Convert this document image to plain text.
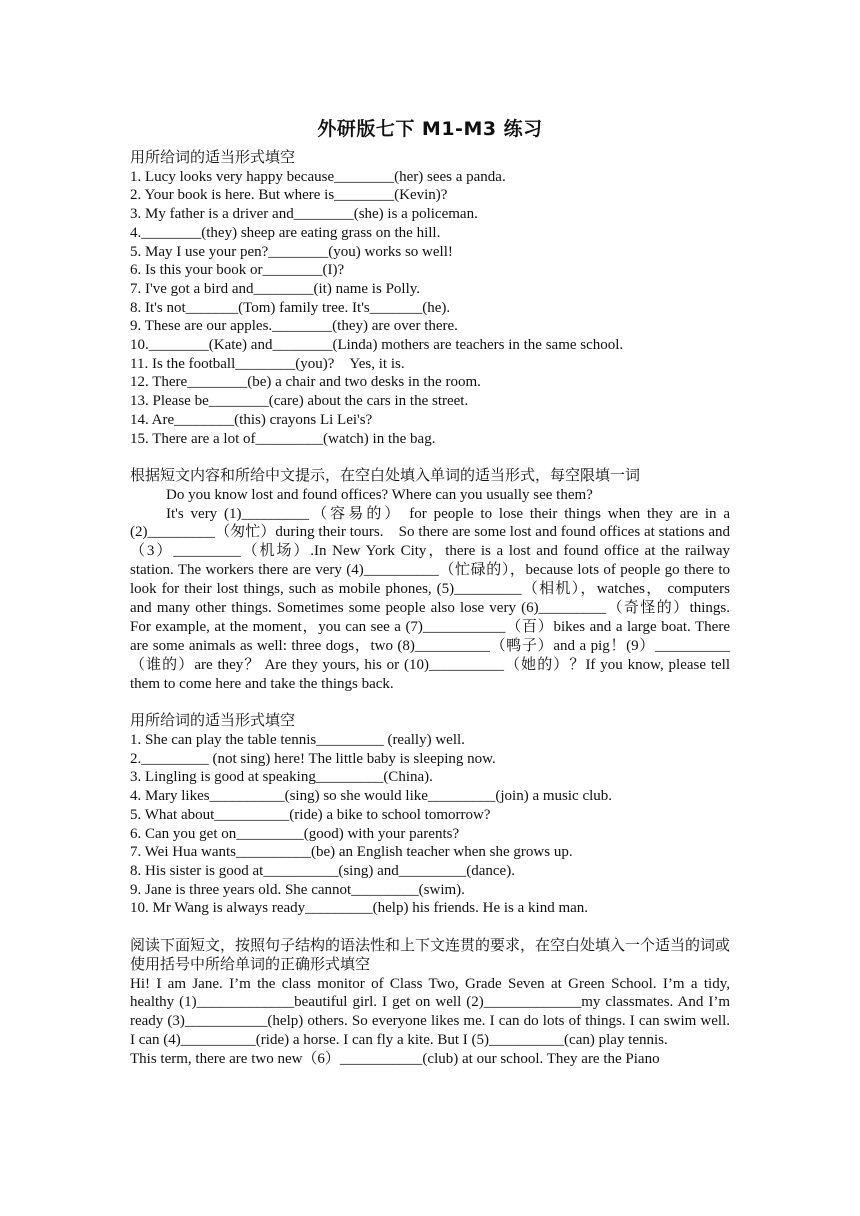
外研版七下 M1-M3 练习
用所给词的适当形式填空
1. Lucy looks very happy because________(her) sees a panda.
2. Your book is here. But where is________(Kevin)?
3. My father is a driver and________(she) is a policeman.
4.________(they) sheep are eating grass on the hill.
5. May I use your pen?________(you) works so well!
6. Is this your book or________(I)?
7. I've got a bird and________(it) name is Polly.
8. It's not_______(Tom) family tree. It's_______(he).
9. These are our apples.________(they) are over there.
10.________(Kate) and________(Linda) mothers are teachers in the same school.
11. Is the football________(you)?　Yes, it is.
12. There________(be) a chair and two desks in the room.
13. Please be________(care) about the cars in the street.
14. Are________(this) crayons Li Lei's?
15. There are a lot of_________(watch) in the bag.
根据短文内容和所给中文提示，在空白处填入单词的适当形式，每空限填一词
Do you know lost and found offices? Where can you usually see them?
It's very (1)_________（容易的） for people to lose their things when they are in a (2)_________（匆忙）during their tours.　So there are some lost and found offices at stations and （3）_________（机场）.In New York City，there is a lost and found office at the railway station. The workers there are very (4)__________（忙碌的），because lots of people go there to look for their lost things, such as mobile phones, (5)_________（相机），watches， computers and many other things. Sometimes some people also lose very (6)_________（奇怪的）things. For example, at the moment，you can see a (7)___________（百）bikes and a large boat. There are some animals as well: three dogs，two (8)__________（鸭子）and a pig！(9）__________（谁的）are they？ Are they yours, his or (10)__________（她的）？If you know, please tell them to come here and take the things back.
用所给词的适当形式填空
1. She can play the table tennis_________ (really) well.
2._________ (not sing) here! The little baby is sleeping now.
3. Lingling is good at speaking_________(China).
4. Mary likes__________(sing) so she would like_________(join) a music club.
5. What about__________(ride) a bike to school tomorrow?
6. Can you get on_________(good) with your parents?
7. Wei Hua wants__________(be) an English teacher when she grows up.
8. His sister is good at__________(sing) and_________(dance).
9. Jane is three years old. She cannot_________(swim).
10. Mr Wang is always ready_________(help) his friends. He is a kind man.
阅读下面短文，按照句子结构的语法性和上下文连贯的要求，在空白处填入一个适当的词或使用括号中所给单词的正确形式填空
Hi! I am Jane. I’m the class monitor of Class Two, Grade Seven at Green School. I’m a tidy, healthy (1)_____________beautiful girl. I get on well (2)_____________my classmates. And I’m ready (3)___________(help) others. So everyone likes me. I can do lots of things. I can swim well. I can (4)__________(ride) a horse. I can fly a kite. But I (5)__________(can) play tennis.
This term, there are two new（6）___________(club) at our school. They are the Piano
